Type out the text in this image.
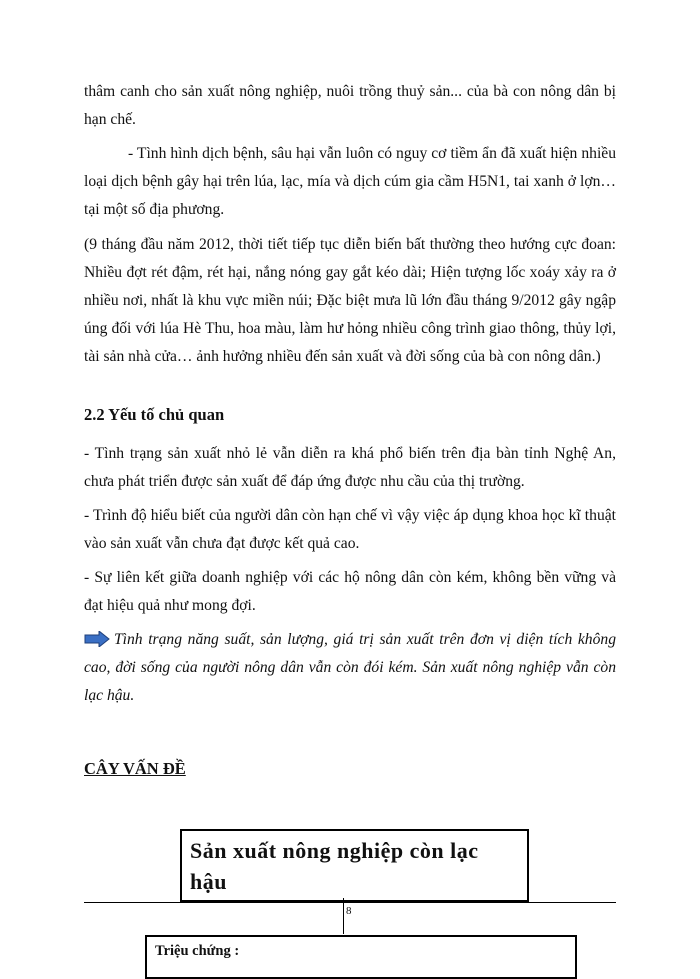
thâm canh cho sản xuất nông nghiệp, nuôi trồng thuỷ sản... của bà con nông dân bị hạn chế.

- Tình hình dịch bệnh, sâu hại vẫn luôn có nguy cơ tiềm ẩn đã xuất hiện nhiều loại dịch bệnh gây hại trên lúa, lạc, mía và dịch cúm gia cầm H5N1, tai xanh ở lợn… tại một số địa phương.

(9 tháng đầu năm 2012, thời tiết tiếp tục diễn biến bất thường theo hướng cực đoan: Nhiều đợt rét đậm, rét hại, nắng nóng gay gắt kéo dài; Hiện tượng lốc xoáy xảy ra ở nhiều nơi, nhất là khu vực miền núi; Đặc biệt mưa lũ lớn đầu tháng 9/2012 gây ngập úng đối với lúa Hè Thu, hoa màu, làm hư hỏng nhiều công trình giao thông, thủy lợi, tài sản nhà cửa… ảnh hưởng nhiều đến sản xuất và đời sống của bà con nông dân.)

2.2 Yếu tố chủ quan

- Tình trạng sản xuất nhỏ lẻ vẫn diễn ra khá phổ biến trên địa bàn tỉnh Nghệ An, chưa phát triển được sản xuất để đáp ứng được nhu cầu của thị trường.

- Trình độ hiểu biết của người dân còn hạn chế vì vậy việc áp dụng khoa học kĩ thuật vào sản xuất vẫn chưa đạt được kết quả cao.

- Sự liên kết giữa doanh nghiệp với các hộ nông dân còn kém, không bền vững và đạt hiệu quả như mong đợi.

Tình trạng năng suất, sản lượng, giá trị sản xuất trên đơn vị diện tích không cao, đời sống của người nông dân vẫn còn đói kém. Sản xuất nông nghiệp vẫn còn lạc hậu.

CÂY VẤN ĐỀ
Sản xuất nông nghiệp còn lạc hậu
8
Triệu chứng :
